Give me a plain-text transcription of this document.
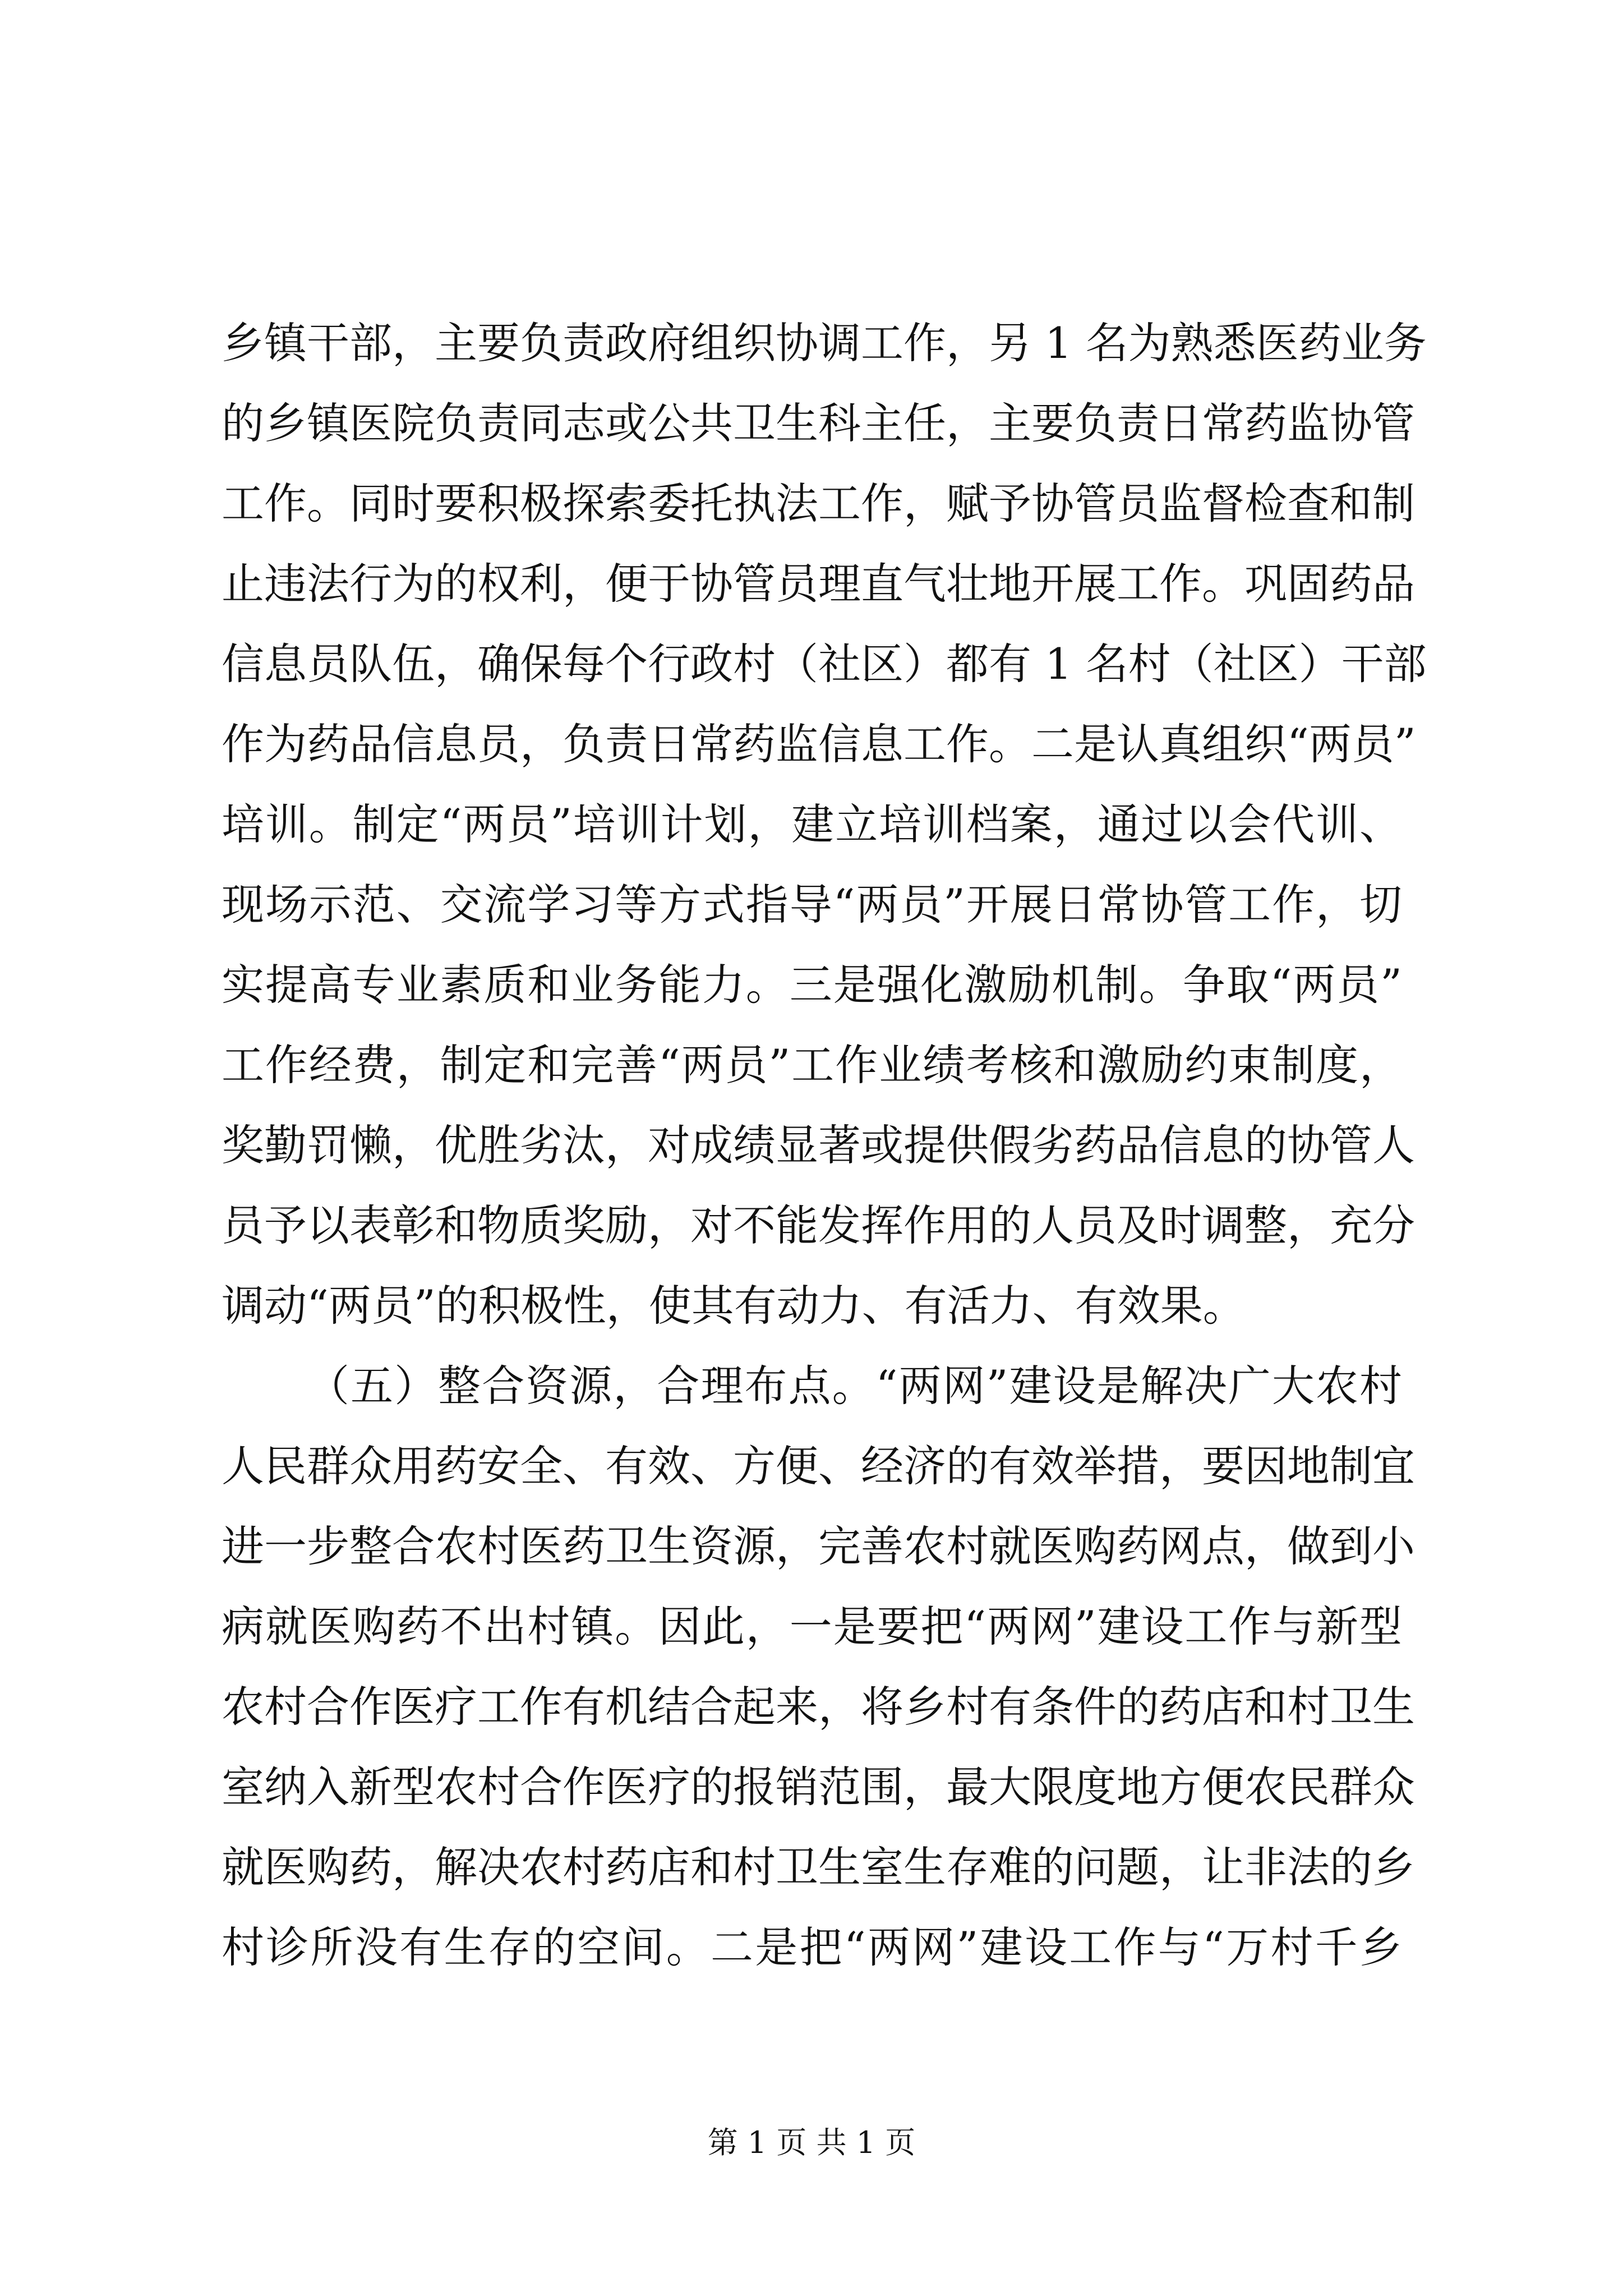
乡镇干部，主要负责政府组织协调工作，另 1 名为熟悉医药业务
的乡镇医院负责同志或公共卫生科主任，主要负责日常药监协管
工作。同时要积极探索委托执法工作，赋予协管员监督检查和制
止违法行为的权利，便于协管员理直气壮地开展工作。巩固药品
信息员队伍，确保每个行政村（社区）都有 1 名村（社区）干部
作为药品信息员，负责日常药监信息工作。二是认真组织“两员”
培训。制定“两员”培训计划，建立培训档案，通过以会代训、
现场示范、交流学习等方式指导“两员”开展日常协管工作，切
实提高专业素质和业务能力。三是强化激励机制。争取“两员”
工作经费，制定和完善“两员”工作业绩考核和激励约束制度，
奖勤罚懒，优胜劣汰，对成绩显著或提供假劣药品信息的协管人
员予以表彰和物质奖励，对不能发挥作用的人员及时调整，充分
调动“两员”的积极性，使其有动力、有活力、有效果。
（五）整合资源，合理布点。“两网”建设是解决广大农村
人民群众用药安全、有效、方便、经济的有效举措，要因地制宜
进一步整合农村医药卫生资源，完善农村就医购药网点，做到小
病就医购药不出村镇。因此，一是要把“两网”建设工作与新型
农村合作医疗工作有机结合起来，将乡村有条件的药店和村卫生
室纳入新型农村合作医疗的报销范围，最大限度地方便农民群众
就医购药，解决农村药店和村卫生室生存难的问题，让非法的乡
村诊所没有生存的空间。二是把“两网”建设工作与“万村千乡
第 1 页 共 1 页
